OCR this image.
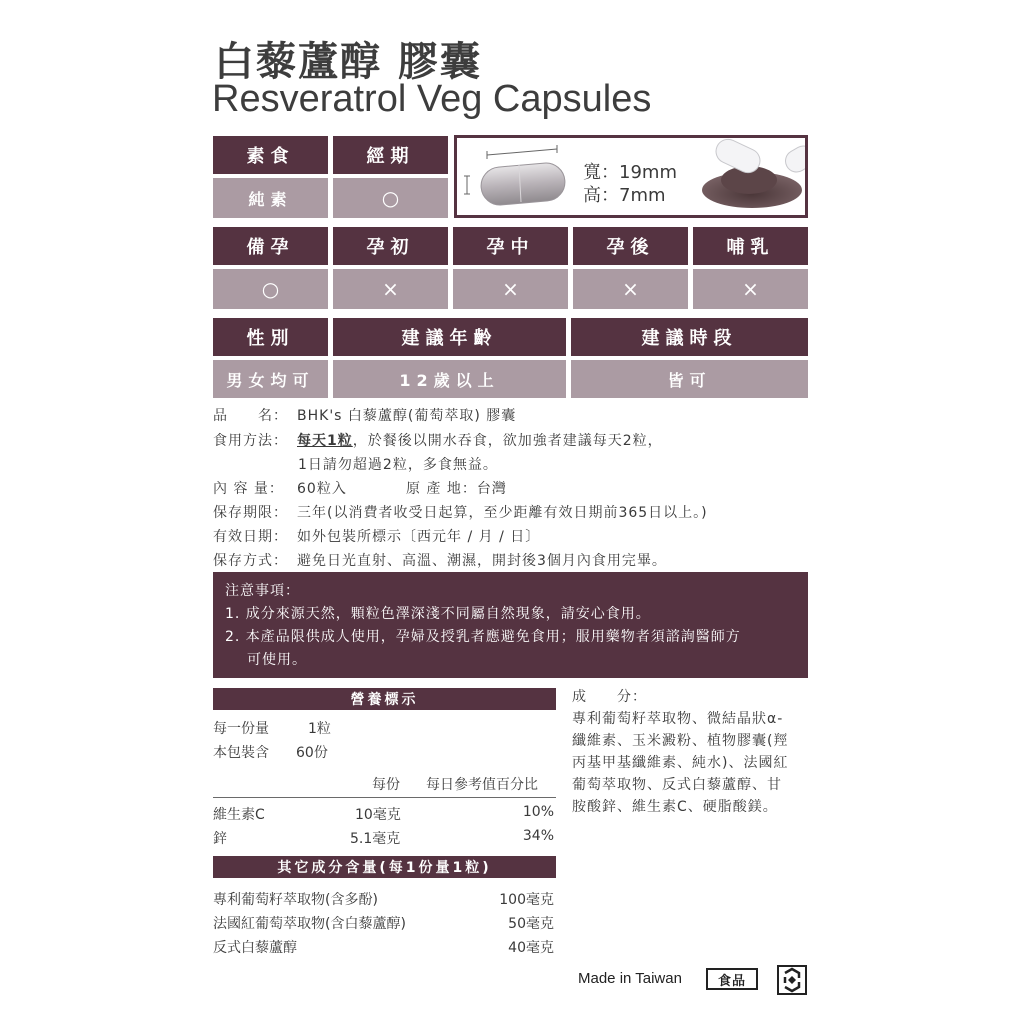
白藜蘆醇 膠囊
Resveratrol Veg Capsules
素食	經期
純素	○
寬：19mm
高：7mm
備孕	孕初	孕中	孕後	哺乳
○	×	×	×	×
性別	建議年齡	建議時段
男女均可	12歲以上	皆可
品　　名： BHK's 白藜蘆醇(葡萄萃取) 膠囊
食用方法： 每天1粒，於餐後以開水吞食，欲加強者建議每天2粒，
1日請勿超過2粒，多食無益。
內 容 量： 60粒入	原 產 地：台灣
保存期限： 三年(以消費者收受日起算，至少距離有效日期前365日以上。)
有效日期： 如外包裝所標示〔西元年 / 月 / 日〕
保存方式： 避免日光直射、高溫、潮濕，開封後3個月內食用完畢。
注意事項：
1. 成分來源天然，顆粒色澤深淺不同屬自然現象，請安心食用。
2. 本產品限供成人使用，孕婦及授乳者應避免食用；服用藥物者須諮詢醫師方
可使用。
營養標示
每一份量	1粒
本包裝含 60份
每份 每日參考值百分比
維生素C	10毫克	10%
鋅	5.1毫克	34%
其它成分含量(每1份量1粒)
專利葡萄籽萃取物(含多酚)	100毫克
法國紅葡萄萃取物(含白藜蘆醇)	50毫克
反式白藜蘆醇	40毫克
成　　分：
專利葡萄籽萃取物、微結晶狀α-
纖維素、玉米澱粉、植物膠囊(羥
丙基甲基纖維素、純水)、法國紅
葡萄萃取物、反式白藜蘆醇、甘
胺酸鋅、維生素C、硬脂酸鎂。
Made in Taiwan	食品
